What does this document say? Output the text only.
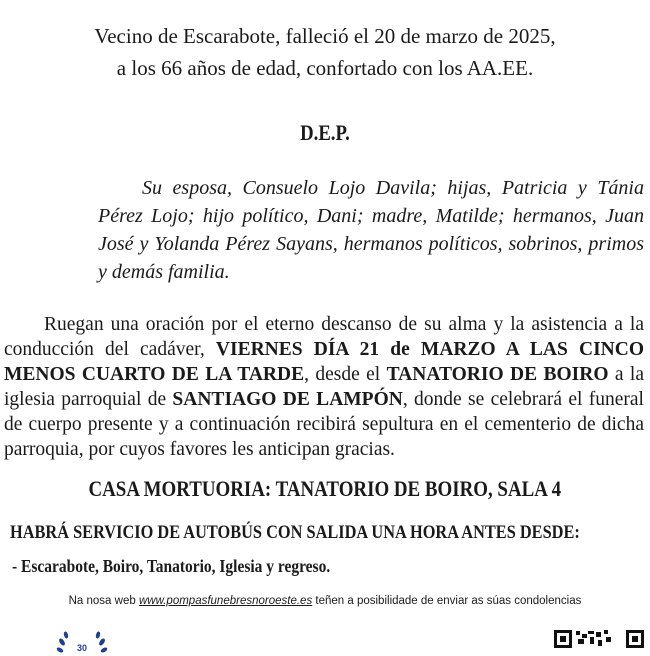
Vecino de Escarabote, falleció el 20 de marzo de 2025,
a los 66 años de edad, confortado con los AA.EE.
D.E.P.
Su esposa, Consuelo Lojo Davila; hijas, Patricia y Tánia Pérez Lojo; hijo político, Dani; madre, Matilde; hermanos, Juan José y Yolanda Pérez Sayans, hermanos políticos, sobrinos, primos y demás familia.
Ruegan una oración por el eterno descanso de su alma y la asistencia a la conducción del cadáver, VIERNES DÍA 21 de MARZO A LAS CINCO MENOS CUARTO DE LA TARDE, desde el TANATORIO DE BOIRO a la iglesia parroquial de SANTIAGO DE LAMPÓN, donde se celebrará el funeral de cuerpo presente y a continuación recibirá sepultura en el cementerio de dicha parroquia, por cuyos favores les anticipan gracias.
CASA MORTUORIA: TANATORIO DE BOIRO, SALA 4
HABRÁ SERVICIO DE AUTOBÚS CON SALIDA UNA HORA ANTES DESDE:
- Escarabote, Boiro, Tanatorio, Iglesia y regreso.
Na nosa web www.pompasfunebresnoroeste.es teñen a posibilidade de enviar as súas condolencias
30
